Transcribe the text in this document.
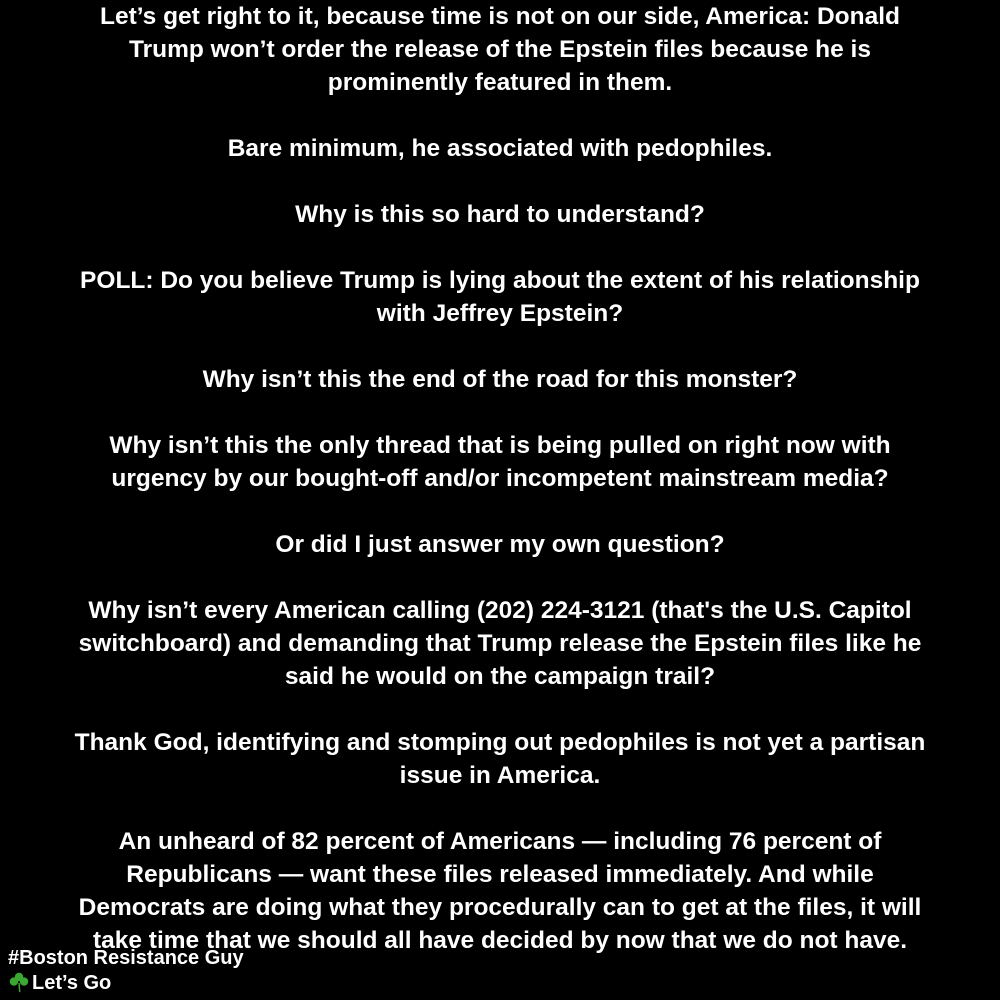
Let’s get right to it, because time is not on our side, America: Donald
Trump won’t order the release of the Epstein files because he is
prominently featured in them.

Bare minimum, he associated with pedophiles.

Why is this so hard to understand?

POLL: Do you believe Trump is lying about the extent of his relationship
with Jeffrey Epstein?

Why isn’t this the end of the road for this monster?

Why isn’t this the only thread that is being pulled on right now with
urgency by our bought-off and/or incompetent mainstream media?

Or did I just answer my own question?

Why isn’t every American calling (202) 224-3121 (that's the U.S. Capitol
switchboard) and demanding that Trump release the Epstein files like he
said he would on the campaign trail?

Thank God, identifying and stomping out pedophiles is not yet a partisan
issue in America.

An unheard of 82 percent of Americans — including 76 percent of
Republicans — want these files released immediately. And while
Democrats are doing what they procedurally can to get at the files, it will
take time that we should all have decided by now that we do not have.

#Boston Resistance Guy
Let’s Go
